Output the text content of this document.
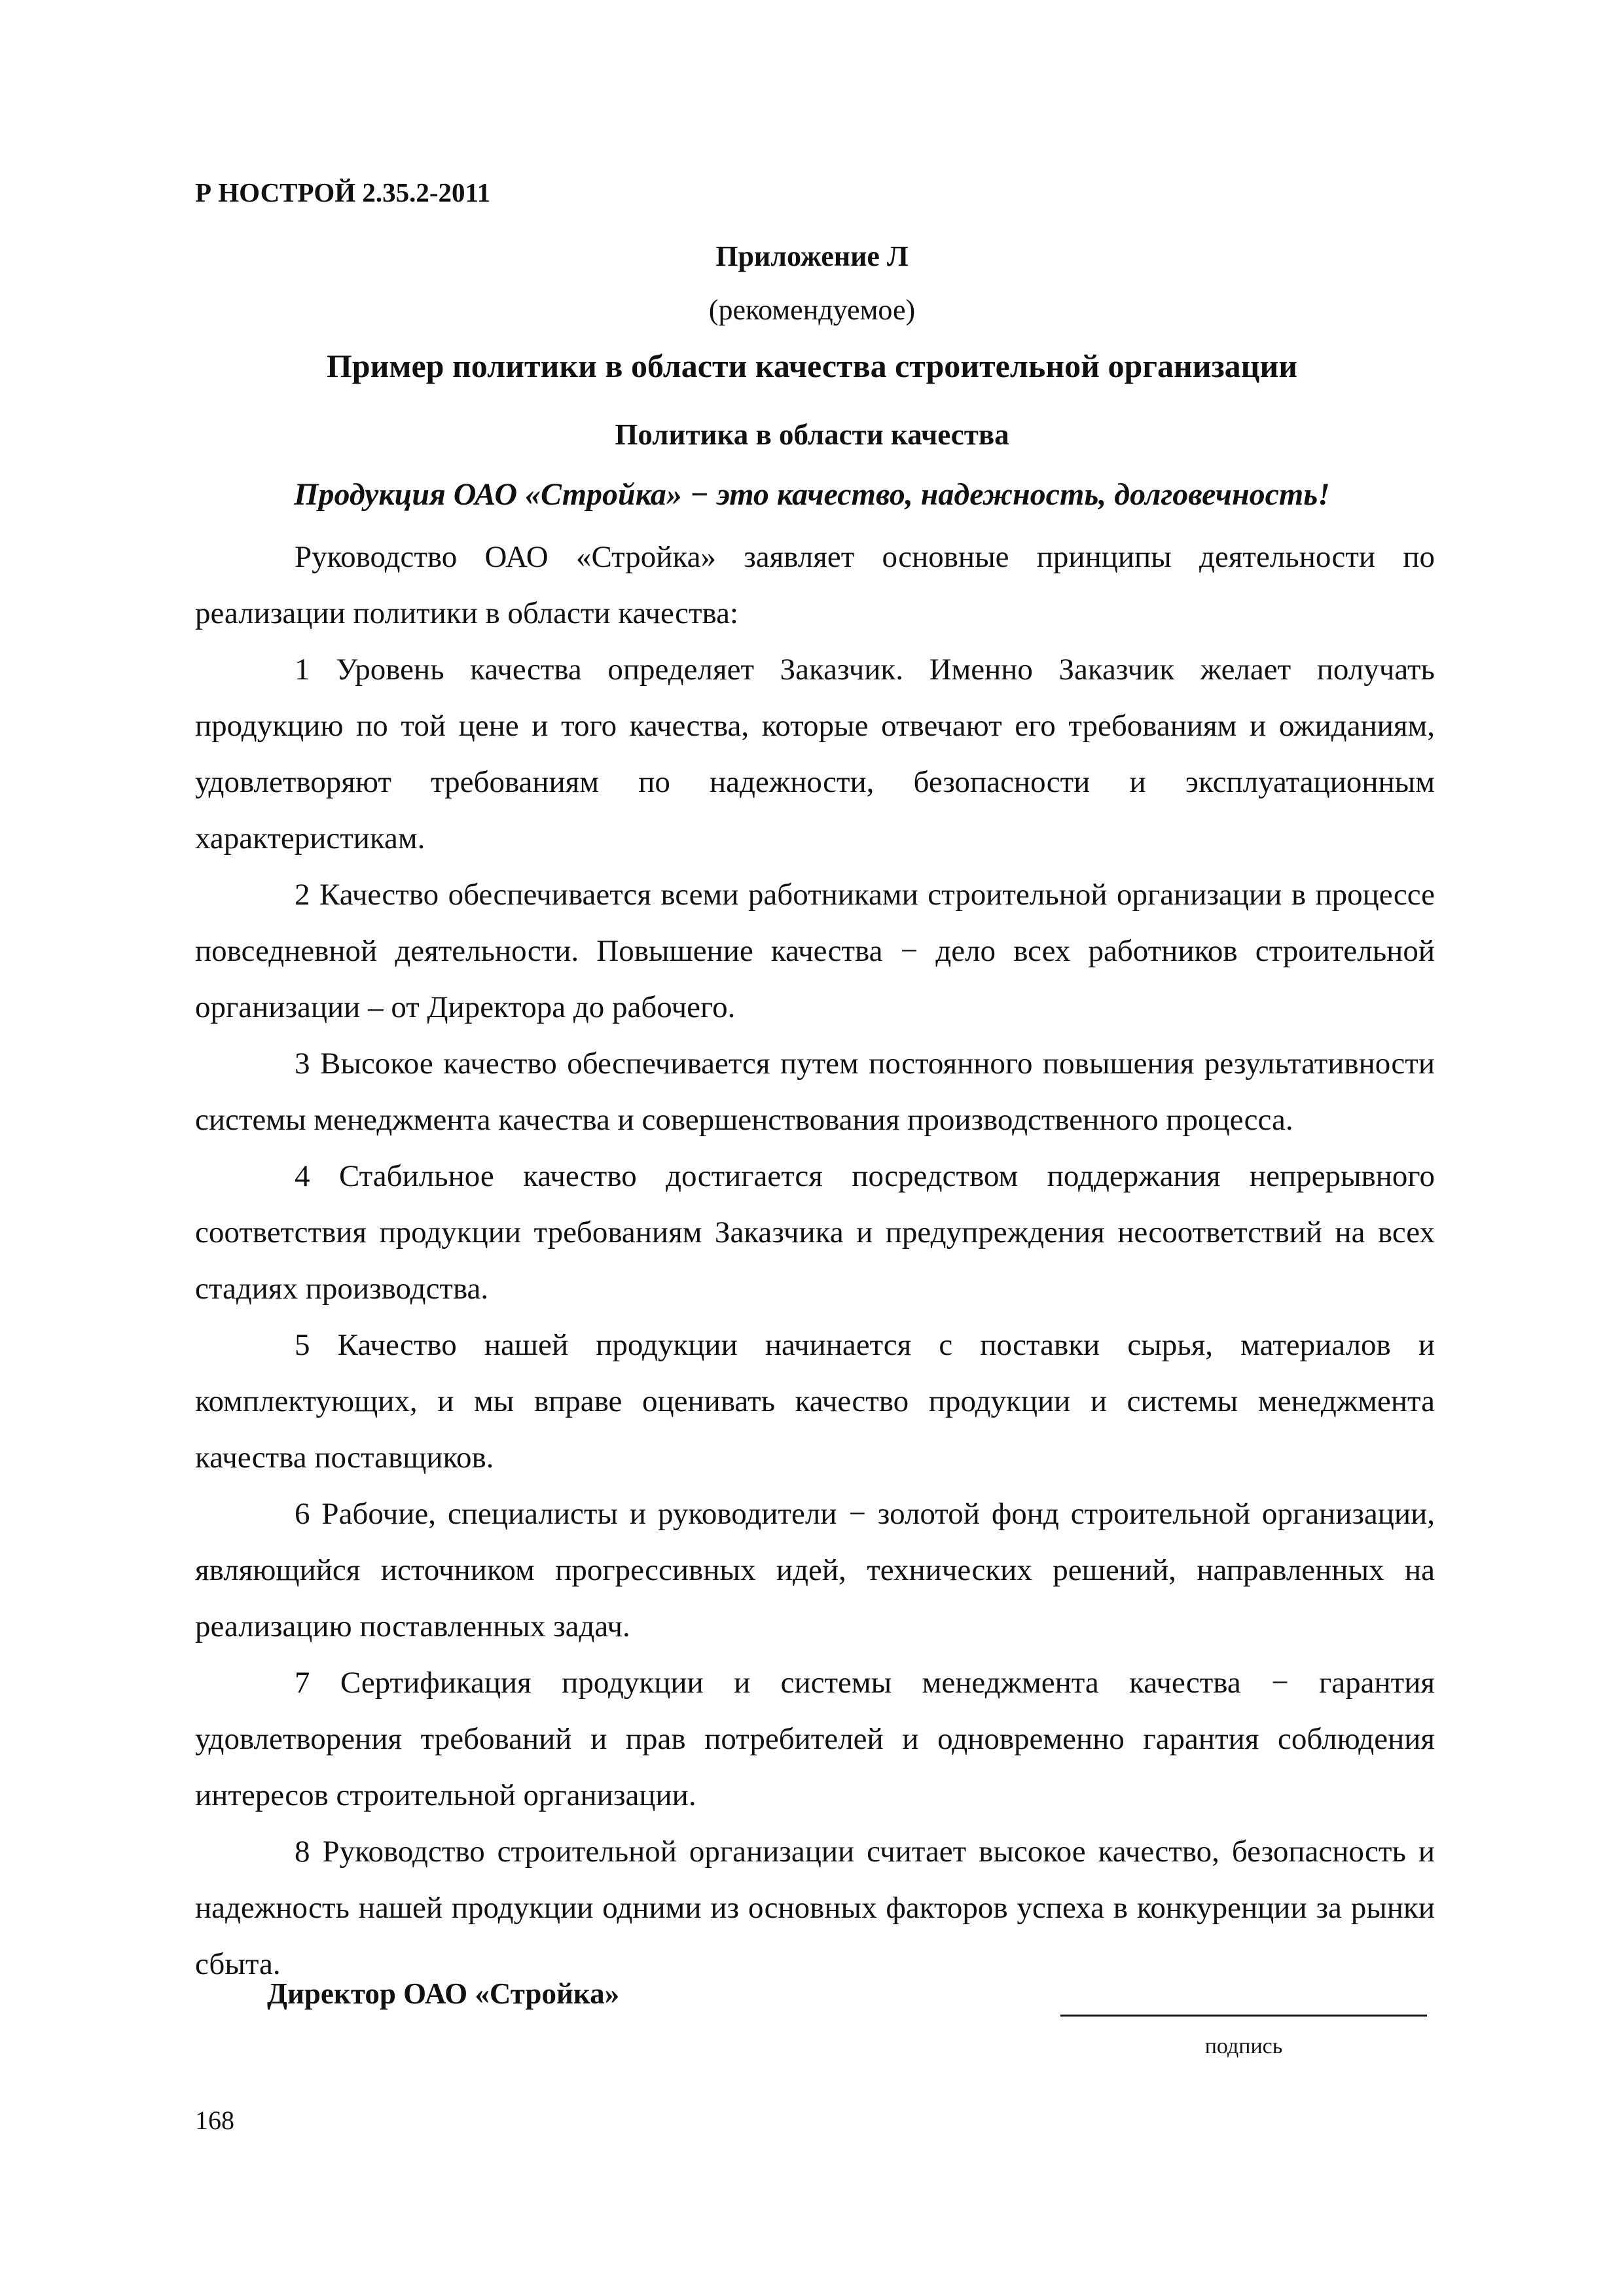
Р НОСТРОЙ 2.35.2-2011
Приложение Л
(рекомендуемое)
Пример политики в области качества строительной организации
Политика в области качества
Продукция ОАО «Стройка» − это качество, надежность, долговечность!

Руководство ОАО «Стройка» заявляет основные принципы деятельности по реализации политики в области качества:

1 Уровень качества определяет Заказчик. Именно Заказчик желает получать продукцию по той цене и того качества, которые отвечают его требованиям и ожиданиям, удовлетворяют требованиям по надежности, безопасности и эксплуатационным характеристикам.

2 Качество обеспечивается всеми работниками строительной организации в процессе повседневной деятельности. Повышение качества − дело всех работников строительной организации – от Директора до рабочего.

3 Высокое качество обеспечивается путем постоянного повышения результативности системы менеджмента качества и совершенствования производственного процесса.

4 Стабильное качество достигается посредством поддержания непрерывного соответствия продукции требованиям Заказчика и предупреждения несоответствий на всех стадиях производства.

5 Качество нашей продукции начинается с поставки сырья, материалов и комплектующих, и мы вправе оценивать качество продукции и системы менеджмента качества поставщиков.

6 Рабочие, специалисты и руководители − золотой фонд строительной организации, являющийся источником прогрессивных идей, технических решений, направленных на реализацию поставленных задач.

7 Сертификация продукции и системы менеджмента качества − гарантия удовлетворения требований и прав потребителей и одновременно гарантия соблюдения интересов строительной организации.

8 Руководство строительной организации считает высокое качество, безопасность и надежность нашей продукции одними из основных факторов успеха в конкуренции за рынки сбыта.

Директор ОАО «Стройка»
подпись
168
